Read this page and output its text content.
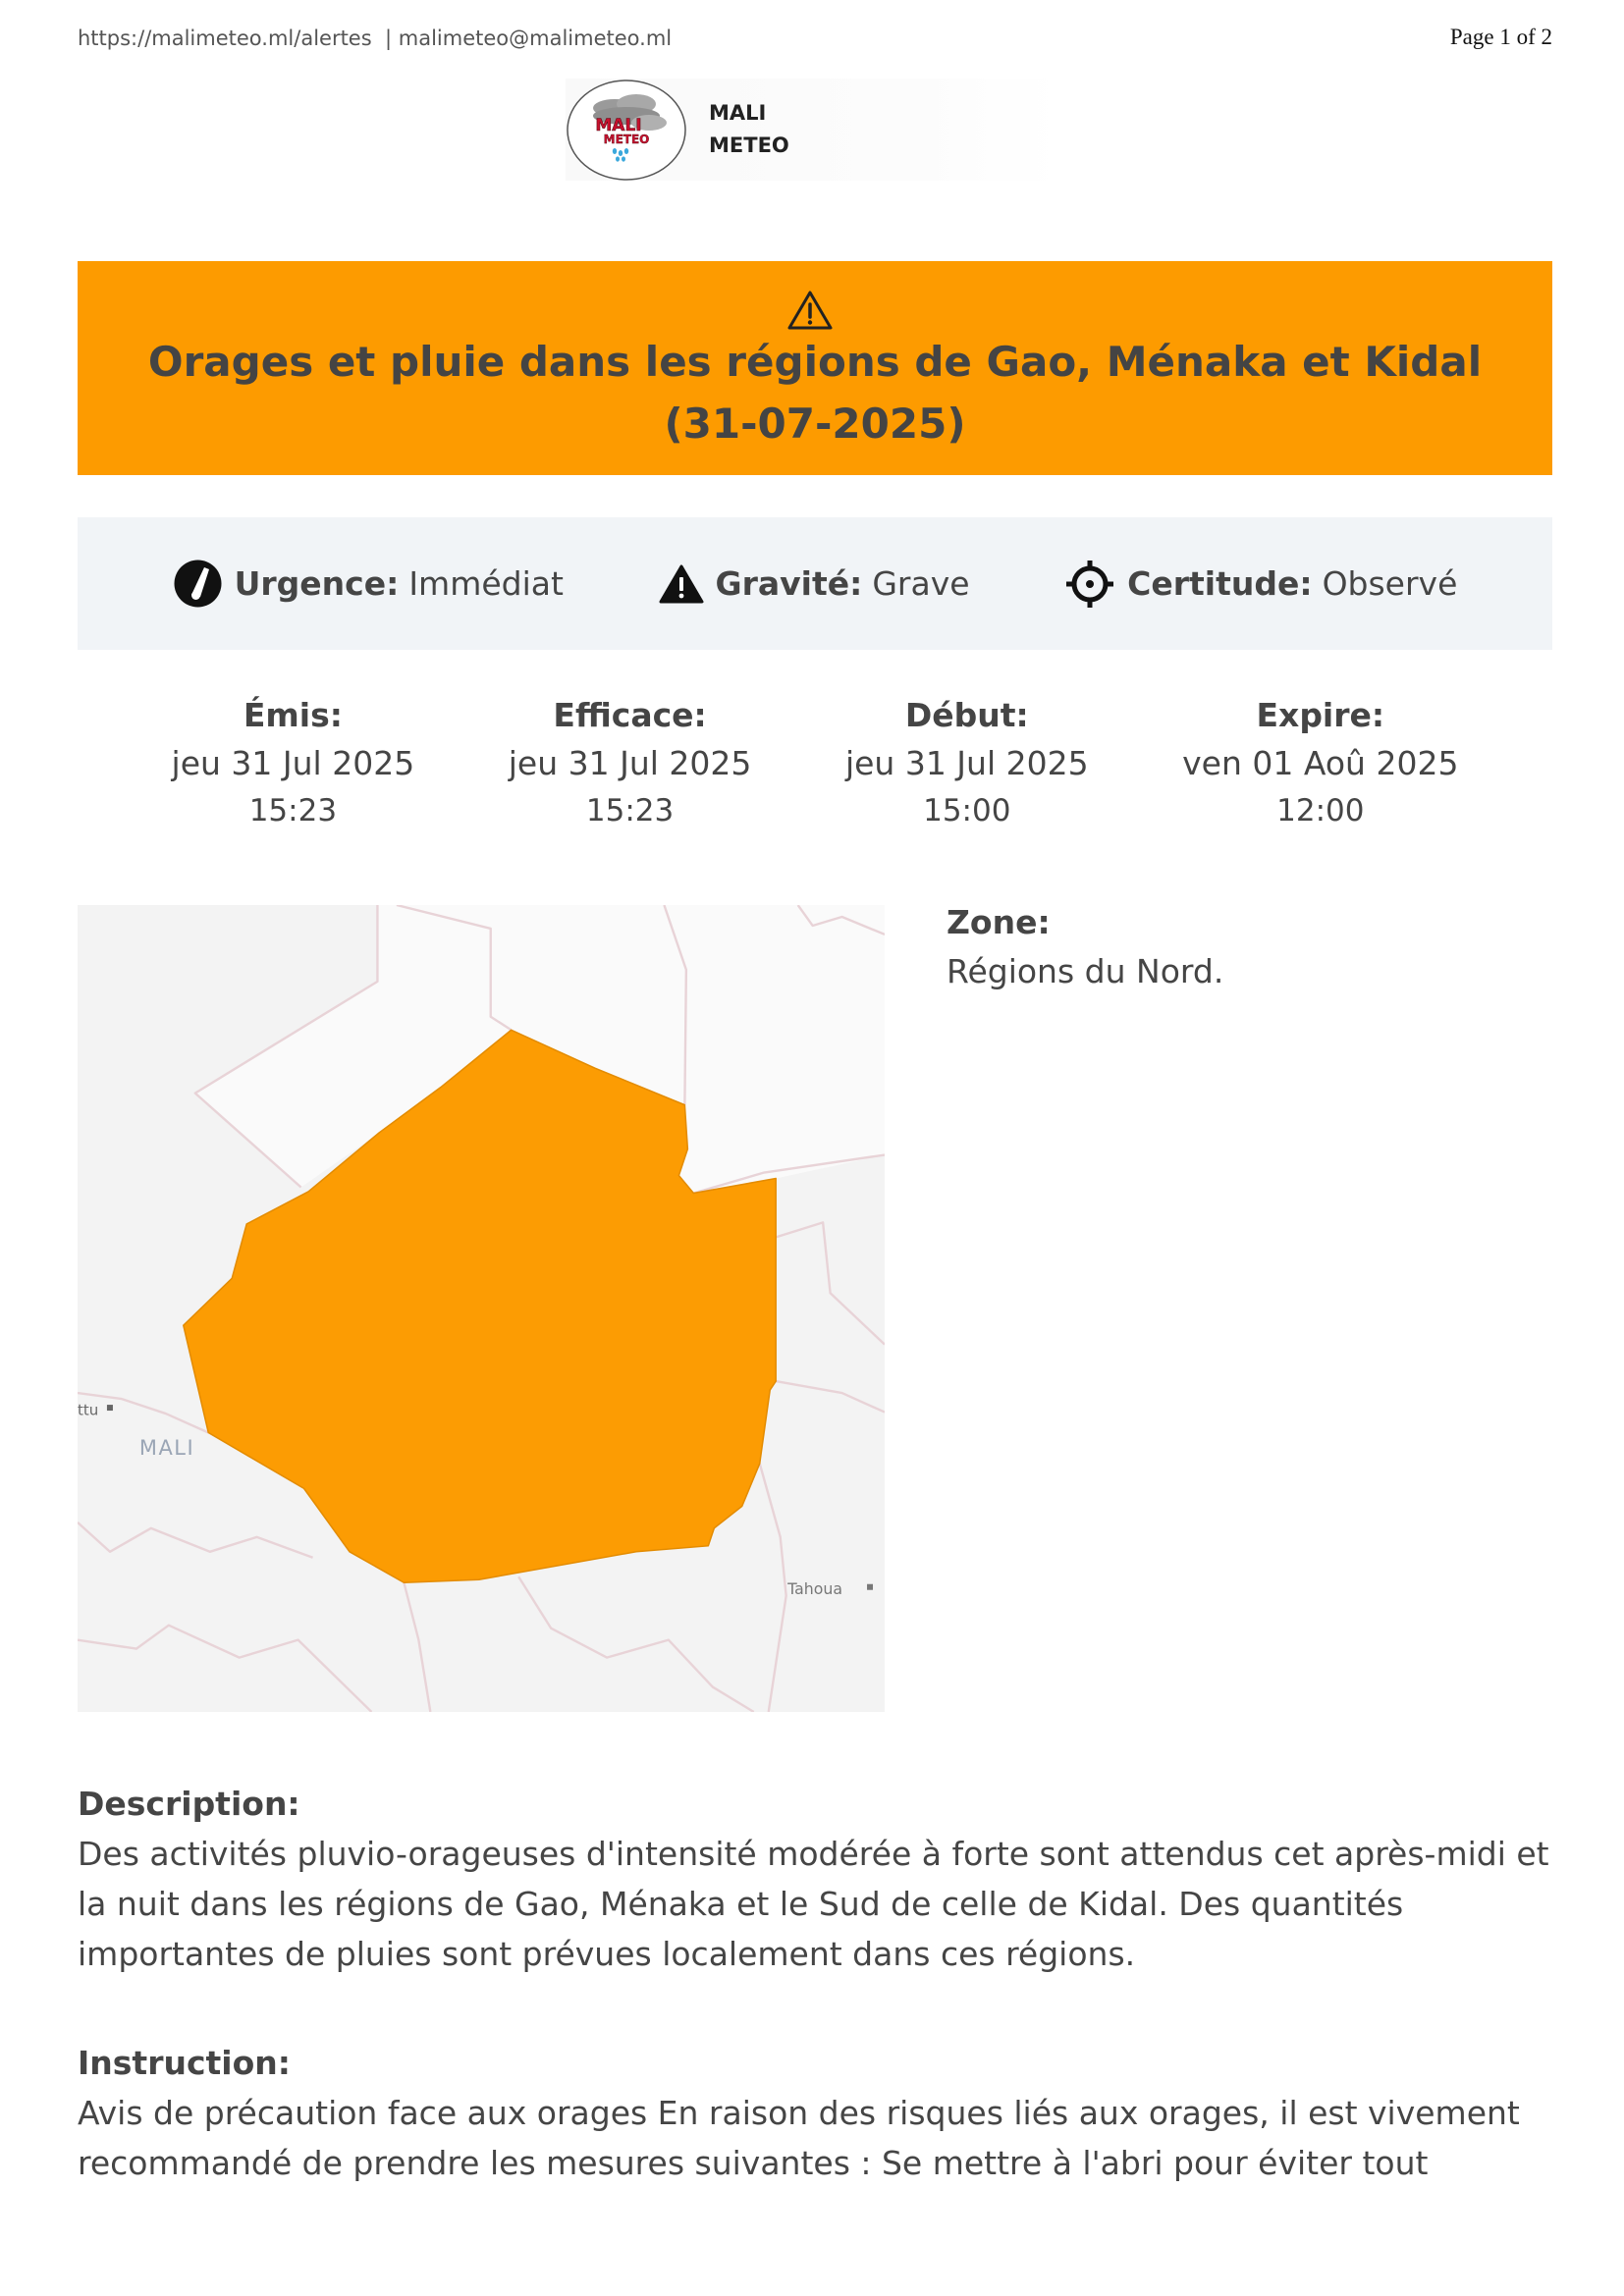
https://malimeteo.ml/alertes  | malimeteo@malimeteo.ml	Page 1 of 2
MALI
METEO
MALI
METEO
Orages et pluie dans les régions de Gao, Ménaka et Kidal (31-07-2025)
Urgence: Immédiat	Gravité: Grave	Certitude: Observé
Émis:
jeu 31 Jul 2025
15:23
Efficace:
jeu 31 Jul 2025
15:23
Début:
jeu 31 Jul 2025
15:00
Expire:
ven 01 Aoû 2025
12:00
ttu
MALI
Tahoua
Zone:
Régions du Nord.
Description:
Des activités pluvio-orageuses d'intensité modérée à forte sont attendus cet après-midi et la nuit dans les régions de Gao, Ménaka et le Sud de celle de Kidal. Des quantités importantes de pluies sont prévues localement dans ces régions.
Instruction:
Avis de précaution face aux orages En raison des risques liés aux orages, il est vivement recommandé de prendre les mesures suivantes : Se mettre à l'abri pour éviter tout
